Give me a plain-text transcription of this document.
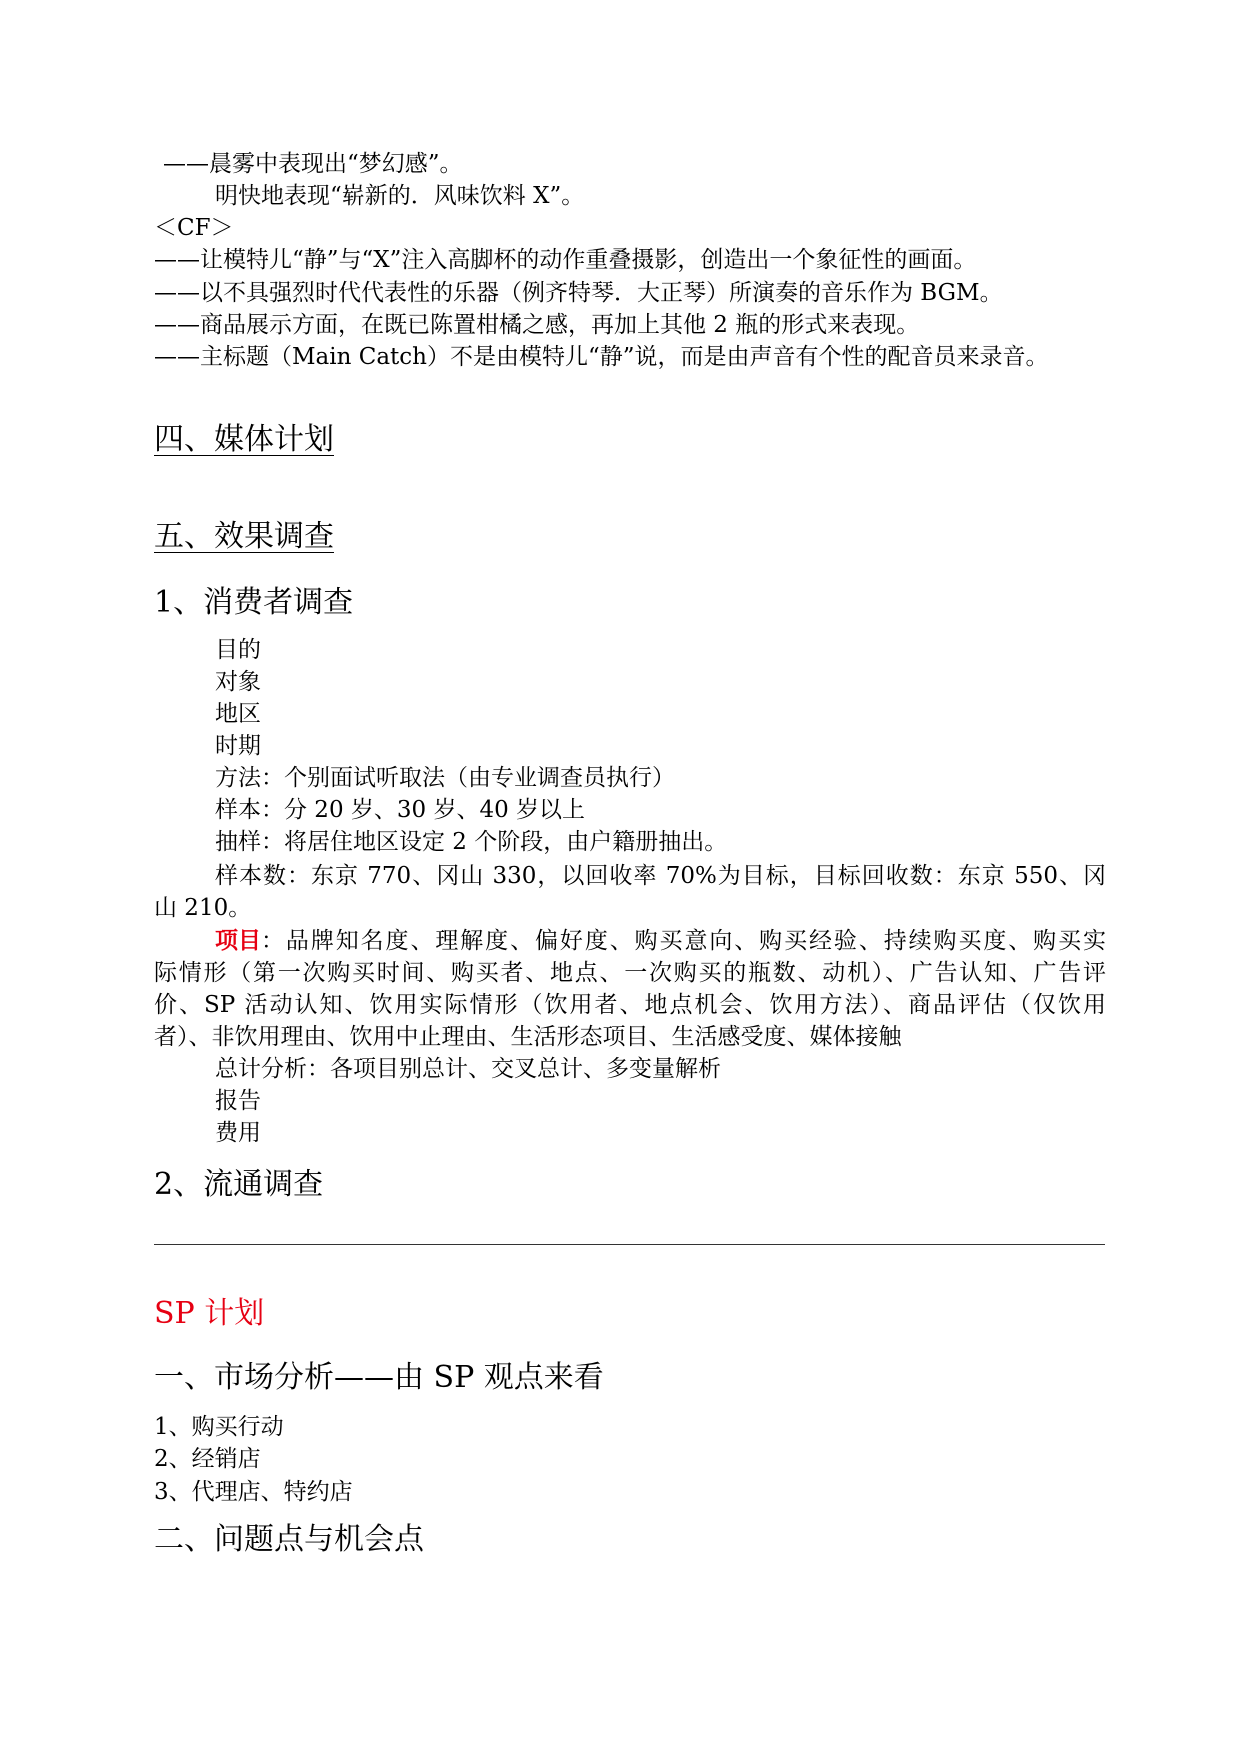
——晨雾中表现出“梦幻感”。
明快地表现“崭新的．风味饮料 X”。
＜CF＞
——让模特儿“静”与“X”注入高脚杯的动作重叠摄影，创造出一个象征性的画面。
——以不具强烈时代代表性的乐器（例齐特琴．大正琴）所演奏的音乐作为 BGM。
——商品展示方面，在既已陈置柑橘之感，再加上其他 2 瓶的形式来表现。
——主标题（Main Catch）不是由模特儿“静”说，而是由声音有个性的配音员来录音。
四、媒体计划
五、效果调查
1、消费者调查
目的
对象
地区
时期
方法：个别面试听取法（由专业调查员执行）
样本：分 20 岁、30 岁、40 岁以上
抽样：将居住地区设定 2 个阶段，由户籍册抽出。
样本数：东京 770、冈山 330，以回收率 70%为目标，目标回收数：东京 550、冈
山 210。
项目 ：品牌知名度、理解度、偏好度、购买意向、购买经验、持续购买度、购买实
际情形（第一次购买时间、购买者、地点、一次购买的瓶数、动机）、广告认知、广告评
价、SP 活动认知、饮用实际情形（饮用者、地点机会、饮用方法）、商品评估（仅饮用
者）、非饮用理由、饮用中止理由、生活形态项目、生活感受度、媒体接触
总计分析：各项目别总计、交叉总计、多变量解析
报告
费用
2、流通调查
SP 计划
一、市场分析——由 SP 观点来看
1、购买行动
2、经销店
3、代理店、特约店
二、问题点与机会点
